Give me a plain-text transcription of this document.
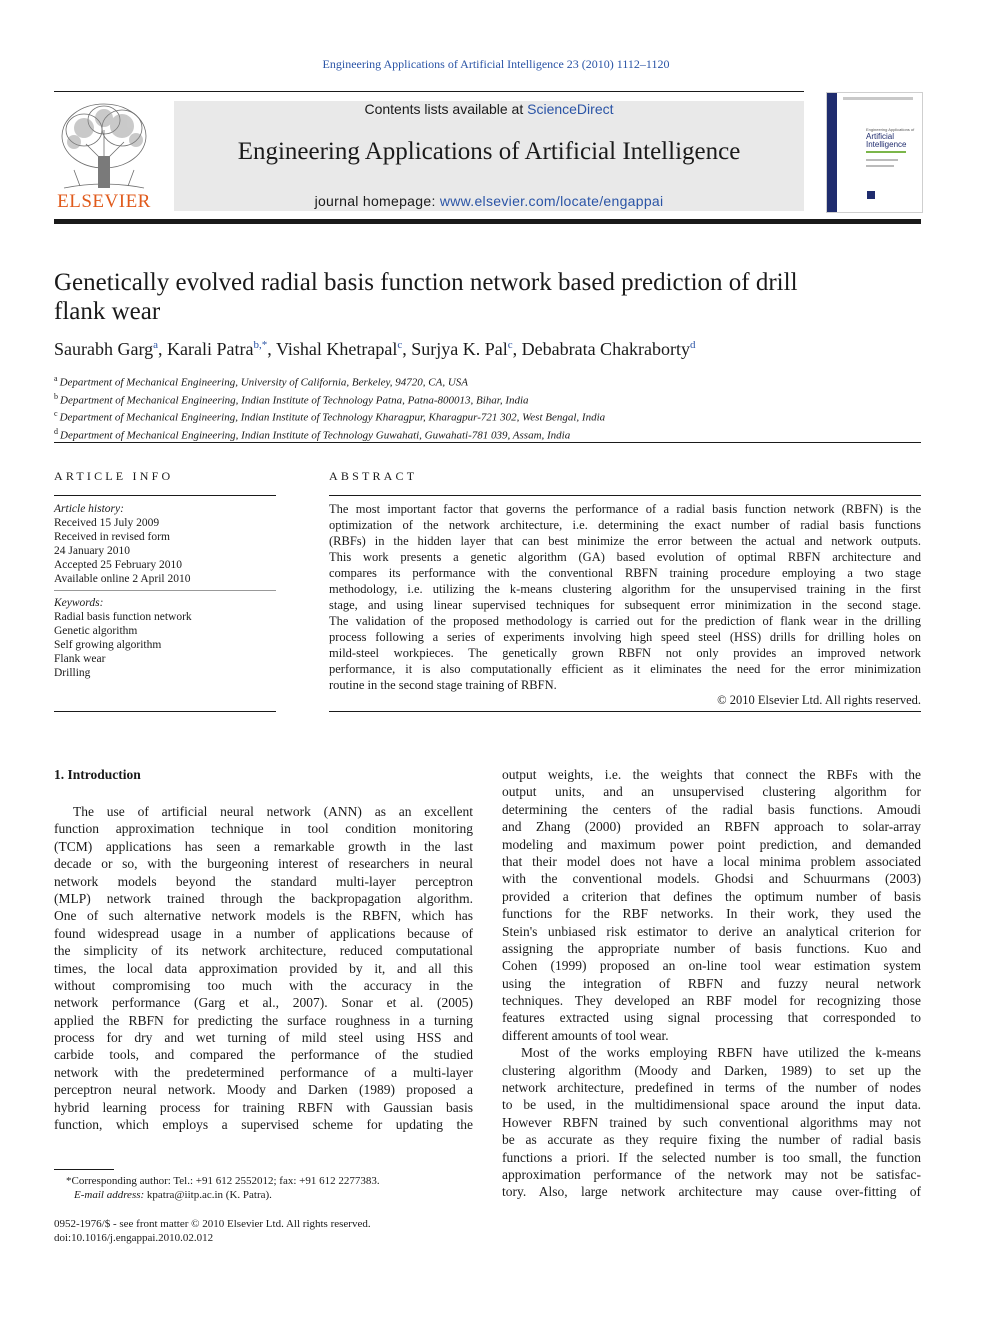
Engineering Applications of Artificial Intelligence 23 (2010) 1112–1120
ELSEVIER
Contents lists available at ScienceDirect
Engineering Applications of Artificial Intelligence
journal homepage: www.elsevier.com/locate/engappai
Engineering Applications of
Artificial
Intelligence
Genetically evolved radial basis function network based prediction of drill
flank wear
Saurabh Garg$^a$, Karali Patra$^{b,*}$, Vishal Khetrapal$^c$, Surjya K. Pal$^c$, Debabrata Chakraborty$^d$
$^a$ Department of Mechanical Engineering, University of California, Berkeley, 94720, CA, USA
$^b$ Department of Mechanical Engineering, Indian Institute of Technology Patna, Patna-800013, Bihar, India
$^c$ Department of Mechanical Engineering, Indian Institute of Technology Kharagpur, Kharagpur-721 302, West Bengal, India
$^d$ Department of Mechanical Engineering, Indian Institute of Technology Guwahati, Guwahati-781 039, Assam, India
ARTICLE INFO
Article history:
Received 15 July 2009
Received in revised form
24 January 2010
Accepted 25 February 2010
Available online 2 April 2010
Keywords:
Radial basis function network
Genetic algorithm
Self growing algorithm
Flank wear
Drilling
ABSTRACT
The most important factor that governs the performance of a radial basis function network (RBFN) is the
optimization of the network architecture, i.e. determining the exact number of radial basis functions
(RBFs) in the hidden layer that can best minimize the error between the actual and network outputs.
This work presents a genetic algorithm (GA) based evolution of optimal RBFN architecture and
compares its performance with the conventional RBFN training procedure employing a two stage
methodology, i.e. utilizing the k-means clustering algorithm for the unsupervised training in the first
stage, and using linear supervised techniques for subsequent error minimization in the second stage.
The validation of the proposed methodology is carried out for the prediction of flank wear in the drilling
process following a series of experiments involving high speed steel (HSS) drills for drilling holes on
mild-steel workpieces. The genetically grown RBFN not only provides an improved network
performance, it is also computationally efficient as it eliminates the need for the error minimization
routine in the second stage training of RBFN.
© 2010 Elsevier Ltd. All rights reserved.
1. Introduction
The use of artificial neural network (ANN) as an excellent
function approximation technique in tool condition monitoring
(TCM) applications has seen a remarkable growth in the last
decade or so, with the burgeoning interest of researchers in neural
network models beyond the standard multi-layer perceptron
(MLP) network trained through the backpropagation algorithm.
One of such alternative network models is the RBFN, which has
found widespread usage in a number of applications because of
the simplicity of its network architecture, reduced computational
times, the local data approximation provided by it, and all this
without compromising too much with the accuracy in the
network performance (Garg et al., 2007). Sonar et al. (2005)
applied the RBFN for predicting the surface roughness in a turning
process for dry and wet turning of mild steel using HSS and
carbide tools, and compared the performance of the studied
network with the predetermined performance of a multi-layer
perceptron neural network. Moody and Darken (1989) proposed a
hybrid learning process for training RBFN with Gaussian basis
function, which employs a supervised scheme for updating the
output weights, i.e. the weights that connect the RBFs with the
output units, and an unsupervised clustering algorithm for
determining the centers of the radial basis functions. Amoudi
and Zhang (2000) provided an RBFN approach to solar-array
modeling and maximum power point prediction, and demanded
that their model does not have a local minima problem associated
with the conventional models. Ghodsi and Schuurmans (2003)
provided a criterion that defines the optimum number of basis
functions for the RBF networks. In their work, they used the
Stein's unbiased risk estimator to derive an analytical criterion for
assigning the appropriate number of basis functions. Kuo and
Cohen (1999) proposed an on-line tool wear estimation system
using the integration of RBFN and fuzzy neural network
techniques. They developed an RBF model for recognizing those
features extracted using signal processing that corresponded to
different amounts of tool wear.
Most of the works employing RBFN have utilized the k-means
clustering algorithm (Moody and Darken, 1989) to set up the
network architecture, predefined in terms of the number of nodes
to be used, in the multidimensional space around the input data.
However RBFN trained by such conventional algorithms may not
be as accurate as they require fixing the number of radial basis
functions a priori. If the selected number is too small, the function
approximation performance of the network may not be satisfac-
tory. Also, large network architecture may cause over-fitting of
*Corresponding author: Tel.: +91 612 2552012; fax: +91 612 2277383.
E-mail address: kpatra@iitp.ac.in (K. Patra).
0952-1976/$ - see front matter © 2010 Elsevier Ltd. All rights reserved.
doi:10.1016/j.engappai.2010.02.012
